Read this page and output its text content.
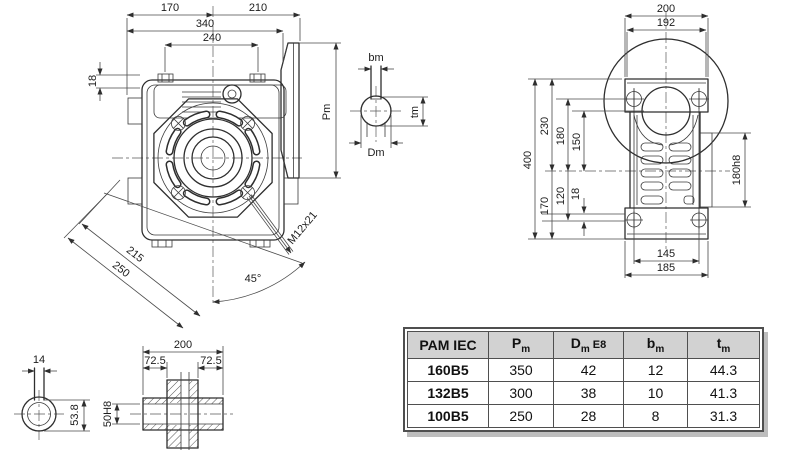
170	210
340
240
18
Pm
215
250	45°
M12x21
bm
tm
Dm
200
192
400
230
170
180
120
150
18
180h8
145
185
14
53.8
200
72.5	72.5
50H8
PAM IEC	$P_m$	$D_m$ E8	$b_m$	$t_m$
160B5	350	42	12	44.3
132B5	300	38	10	41.3
100B5	250	28	8	31.3
